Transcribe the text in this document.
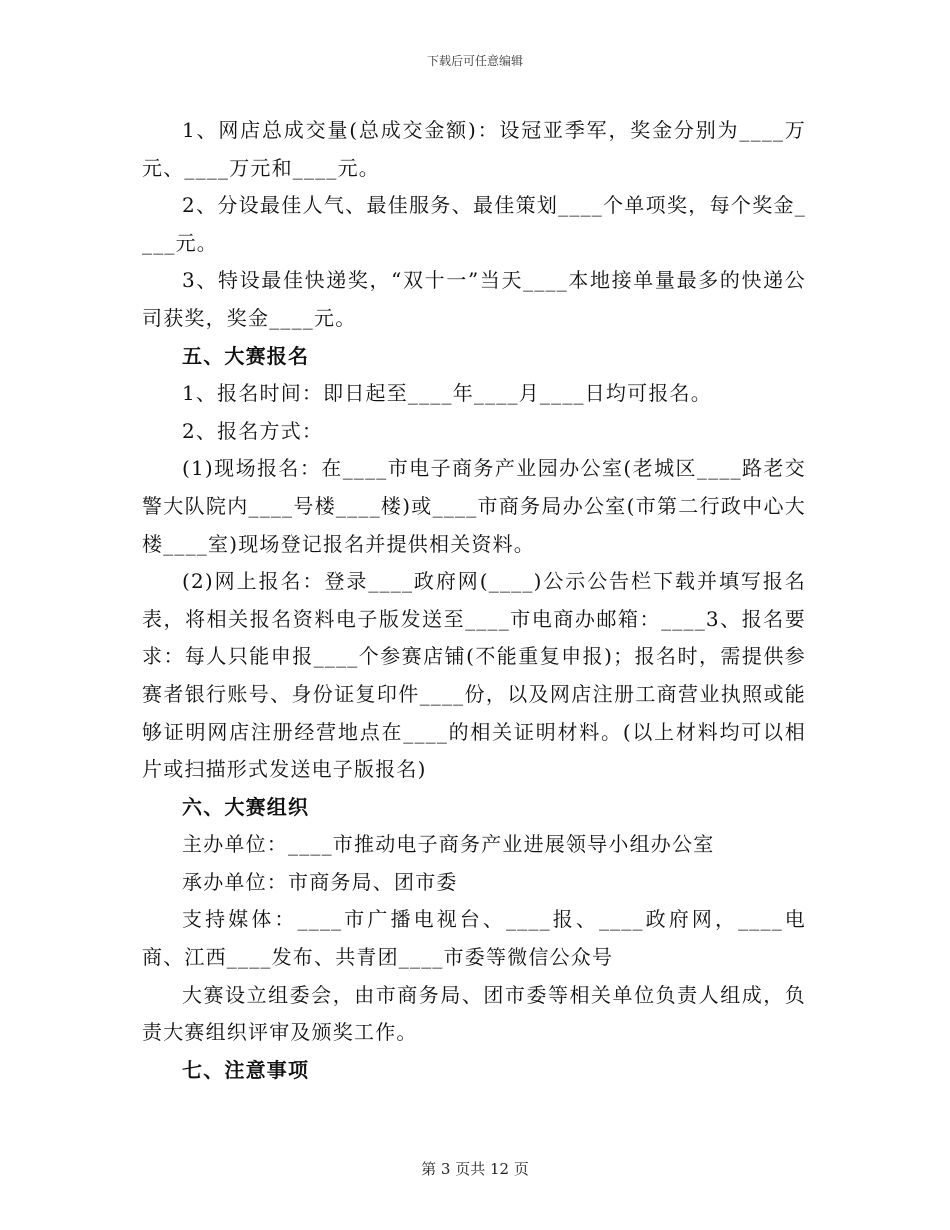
下载后可任意编辑

1、网店总成交量(总成交金额)：设冠亚季军，奖金分别为____万元、____万元和____元。

2、分设最佳人气、最佳服务、最佳策划____个单项奖，每个奖金____元。

3、特设最佳快递奖，“双十一”当天____本地接单量最多的快递公司获奖，奖金____元。

五、大赛报名

1、报名时间：即日起至____年____月____日均可报名。

2、报名方式：

(1)现场报名：在____市电子商务产业园办公室(老城区____路老交警大队院内____号楼____楼)或____市商务局办公室(市第二行政中心大楼____室)现场登记报名并提供相关资料。

(2)网上报名：登录____政府网(____)公示公告栏下载并填写报名表，将相关报名资料电子版发送至____市电商办邮箱：____3、报名要求：每人只能申报____个参赛店铺(不能重复申报)；报名时，需提供参赛者银行账号、身份证复印件____份，以及网店注册工商营业执照或能够证明网店注册经营地点在____的相关证明材料。(以上材料均可以相片或扫描形式发送电子版报名)

六、大赛组织

主办单位：____市推动电子商务产业进展领导小组办公室

承办单位：市商务局、团市委

支持媒体：____市广播电视台、____报、____政府网，____电商、江西____发布、共青团____市委等微信公众号

大赛设立组委会，由市商务局、团市委等相关单位负责人组成，负责大赛组织评审及颁奖工作。

七、注意事项

第 3 页共 12 页
